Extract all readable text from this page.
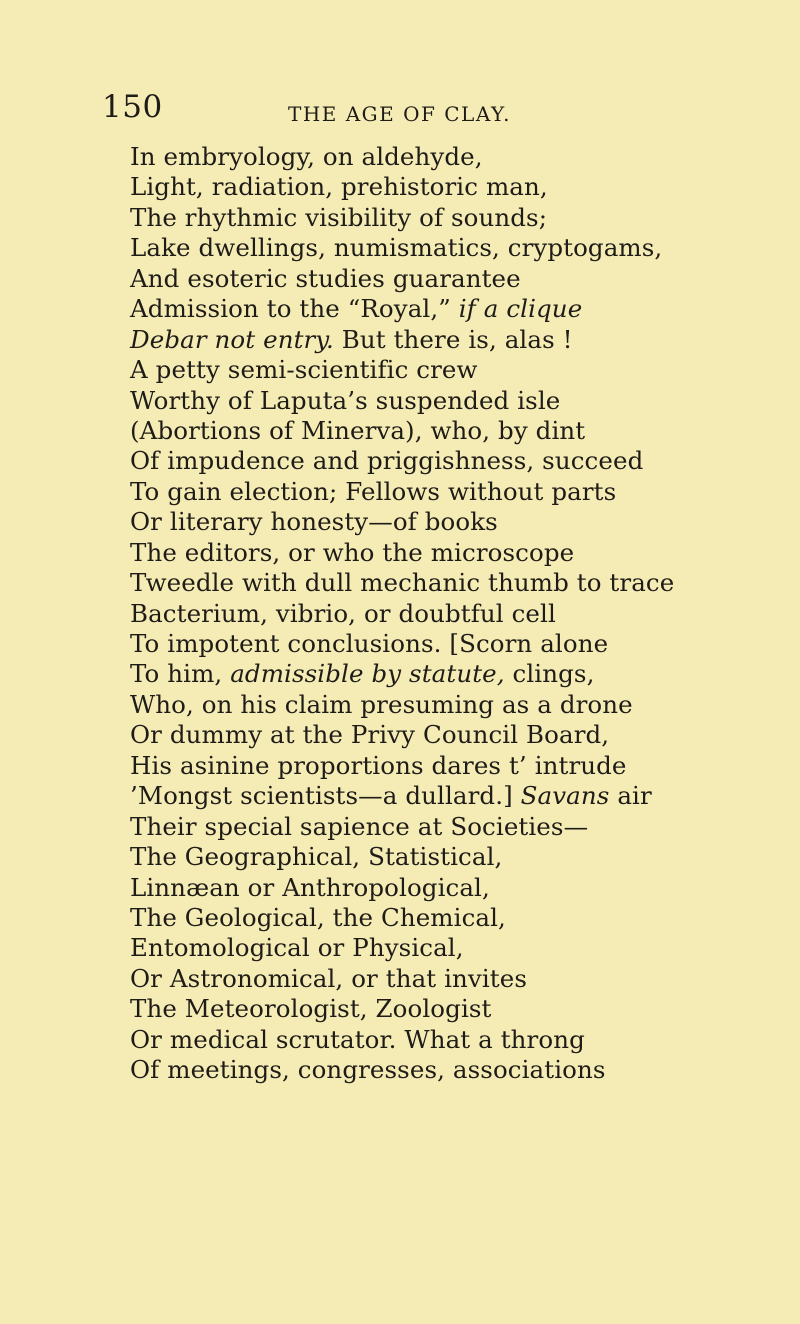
150	THE AGE OF CLAY.
In embryology, on aldehyde,
Light, radiation, prehistoric man,
The rhythmic visibility of sounds;
Lake dwellings, numismatics, cryptogams,
And esoteric studies guarantee
Admission to the “Royal,” if a clique
Debar not entry. But there is, alas !
A petty semi-scientific crew
Worthy of Laputa’s suspended isle
(Abortions of Minerva), who, by dint
Of impudence and priggishness, succeed
To gain election; Fellows without parts
Or literary honesty—of books
The editors, or who the microscope
Tweedle with dull mechanic thumb to trace
Bacterium, vibrio, or doubtful cell
To impotent conclusions. [Scorn alone
To him, admissible by statute, clings,
Who, on his claim presuming as a drone
Or dummy at the Privy Council Board,
His asinine proportions dares t’ intrude
’Mongst scientists—a dullard.] Savans air
Their special sapience at Societies—
The Geographical, Statistical,
Linnæan or Anthropological,
The Geological, the Chemical,
Entomological or Physical,
Or Astronomical, or that invites
The Meteorologist, Zoologist
Or medical scrutator. What a throng
Of meetings, congresses, associations
